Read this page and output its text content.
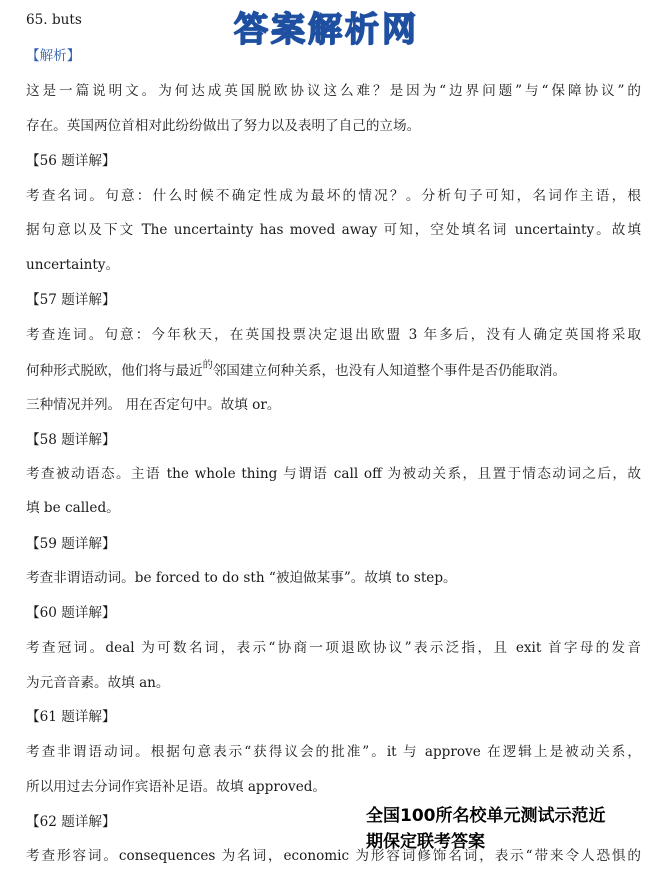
65. buts	答案解析网
【解析】
这是一篇说明文。为何达成英国脱欧协议这么难？是因为“边界问题”与“保障协议”的
存在。英国两位首相对此纷纷做出了努力以及表明了自己的立场。
【56 题详解】
考查名词。句意：什么时候不确定性成为最坏的情况？。分析句子可知，名词作主语，根
据句意以及下文 The uncertainty has moved away 可知，空处填名词 uncertainty。故填
uncertainty。
【57 题详解】
考查连词。句意：今年秋天，在英国投票决定退出欧盟 3 年多后，没有人确定英国将采取
何种形式脱欧，他们将与最近$^的$邻国建立何种关系，也没有人知道整个事件是否仍能取消。
三种情况并列。 用在否定句中。故填 or。
【58 题详解】
考查被动语态。主语 the whole thing 与谓语 call off 为被动关系，且置于情态动词之后，故
填 be called。
【59 题详解】
考查非谓语动词。be forced to do sth “被迫做某事”。故填 to step。
【60 题详解】
考查冠词。deal 为可数名词，表示“协商一项退欧协议”表示泛指，且 exit 首字母的发音
为元音音素。故填 an。
【61 题详解】
考查非谓语动词。根据句意表示“获得议会的批准”。it 与 approve 在逻辑上是被动关系，
所以用过去分词作宾语补足语。故填 approved。
【62 题详解】
考查形容词。consequences 为名词，economic 为形容词修饰名词，表示“带来令人恐惧的
全国100所名校单元测试示范近
期保定联考答案
